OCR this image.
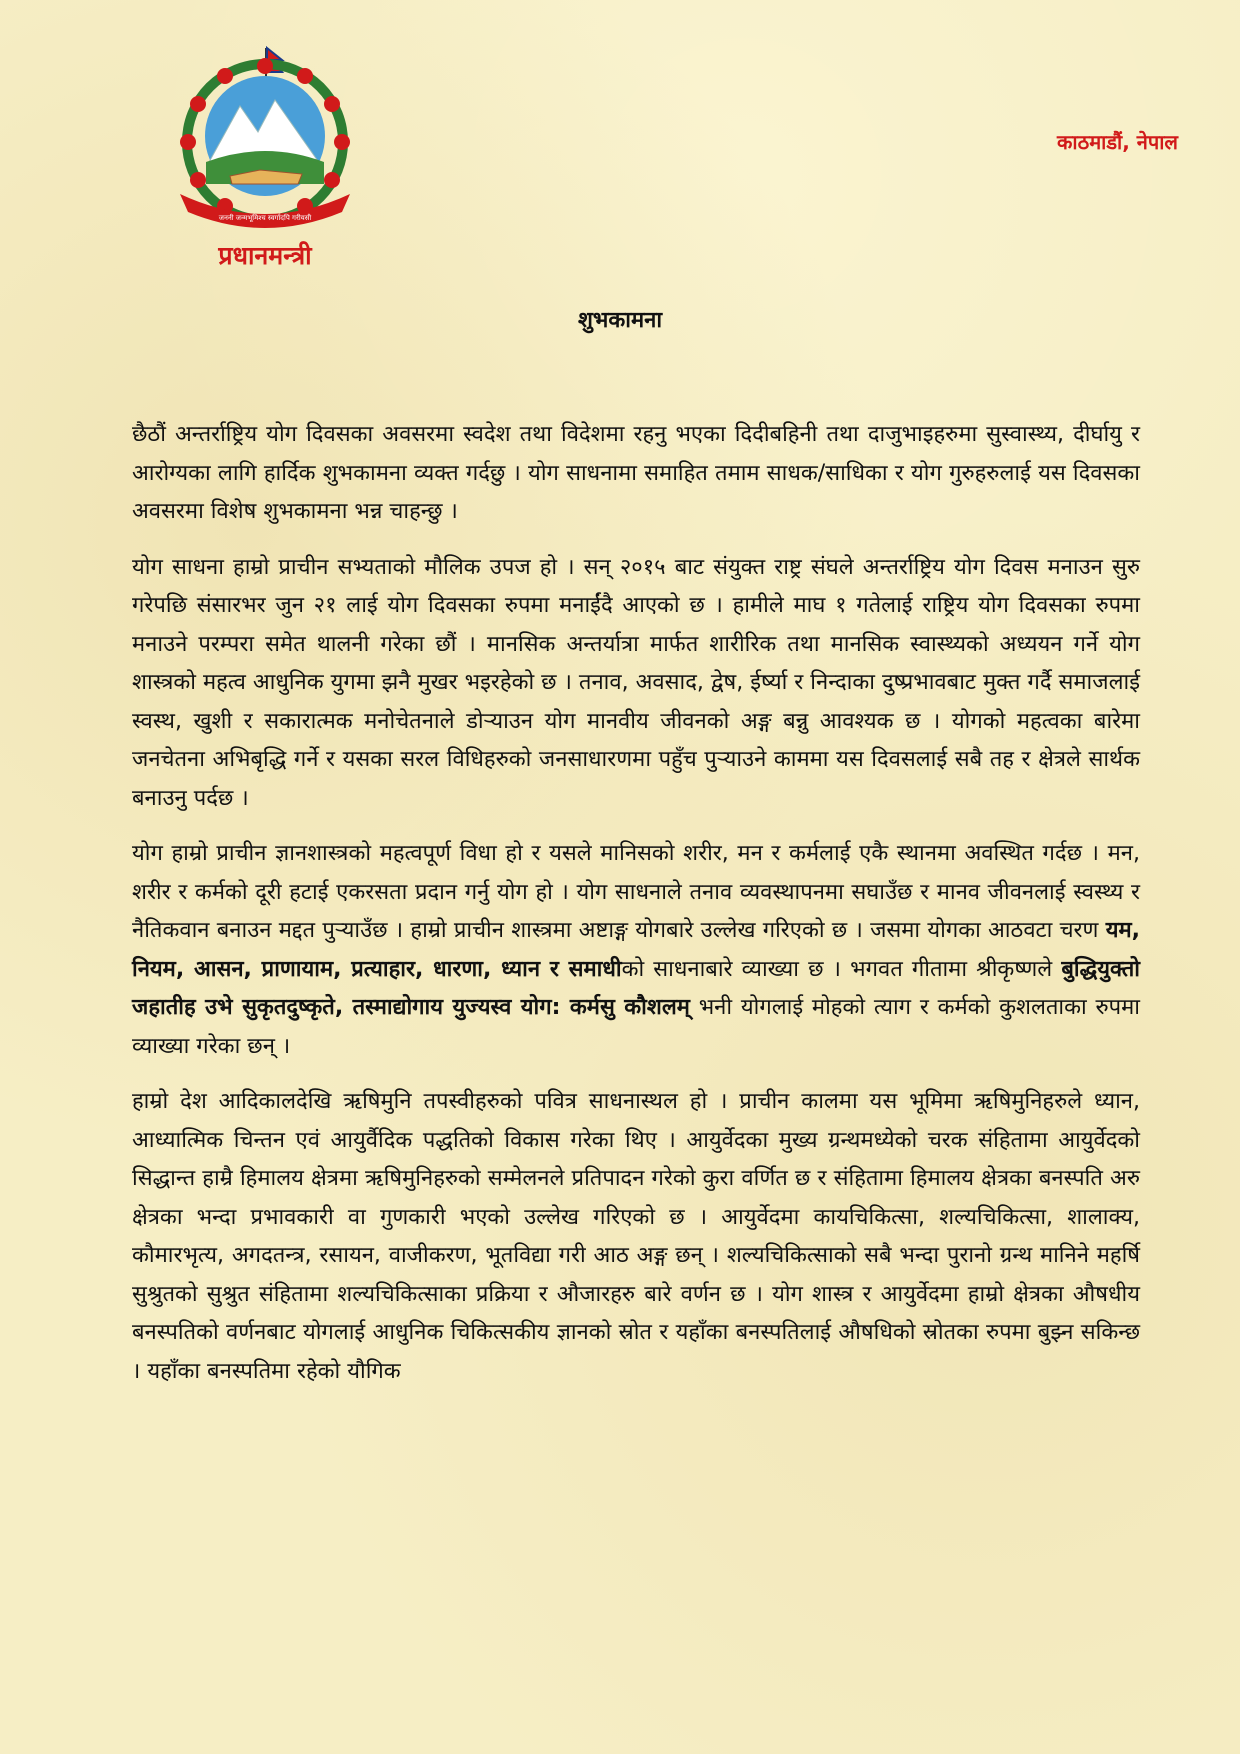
जननी जन्मभूमिश्च स्वर्गादपि गरीयसी
प्रधानमन्त्री
काठमाडौं, नेपाल
शुभकामना

छैठौं अन्तर्राष्ट्रिय योग दिवसका अवसरमा स्वदेश तथा विदेशमा रहनु भएका दिदीबहिनी तथा दाजुभाइहरुमा सुस्वास्थ्य, दीर्घायु र आरोग्यका लागि हार्दिक शुभकामना व्यक्त गर्दछु । योग साधनामा समाहित तमाम साधक/साधिका र योग गुरुहरुलाई यस दिवसका अवसरमा विशेष शुभकामना भन्न चाहन्छु ।

योग साधना हाम्रो प्राचीन सभ्यताको मौलिक उपज हो । सन् २०१५ बाट संयुक्त राष्ट्र संघले अन्तर्राष्ट्रिय योग दिवस मनाउन सुरु गरेपछि संसारभर जुन २१ लाई योग दिवसका रुपमा मनाईंदै आएको छ । हामीले माघ १ गतेलाई राष्ट्रिय योग दिवसका रुपमा मनाउने परम्परा समेत थालनी गरेका छौं । मानसिक अन्तर्यात्रा मार्फत शारीरिक तथा मानसिक स्वास्थ्यको अध्ययन गर्ने योग शास्त्रको महत्व आधुनिक युगमा झनै मुखर भइरहेको छ । तनाव, अवसाद, द्वेष, ईर्ष्या र निन्दाका दुष्प्रभावबाट मुक्त गर्दै समाजलाई स्वस्थ, खुशी र सकारात्मक मनोचेतनाले डोऱ्याउन योग मानवीय जीवनको अङ्ग बन्नु आवश्यक छ । योगको महत्वका बारेमा जनचेतना अभिबृद्धि गर्ने र यसका सरल विधिहरुको जनसाधारणमा पहुँच पुऱ्याउने काममा यस दिवसलाई सबै तह र क्षेत्रले सार्थक बनाउनु पर्दछ ।

योग हाम्रो प्राचीन ज्ञानशास्त्रको महत्वपूर्ण विधा हो र यसले मानिसको शरीर, मन र कर्मलाई एकै स्थानमा अवस्थित गर्दछ । मन, शरीर र कर्मको दूरी हटाई एकरसता प्रदान गर्नु योग हो । योग साधनाले तनाव व्यवस्थापनमा सघाउँछ र मानव जीवनलाई स्वस्थ्य र नैतिकवान बनाउन मद्दत पुऱ्याउँछ । हाम्रो प्राचीन शास्त्रमा अष्टाङ्ग योगबारे उल्लेख गरिएको छ । जसमा योगका आठवटा चरण यम, नियम, आसन, प्राणायाम, प्रत्याहार, धारणा, ध्यान र समाधीको साधनाबारे व्याख्या छ । भगवत गीतामा श्रीकृष्णले बुद्धियुक्तो जहातीह उभे सुकृतदुष्कृते, तस्माद्योगाय युज्यस्व योग: कर्मसु कौशलम् भनी योगलाई मोहको त्याग र कर्मको कुशलताका रुपमा व्याख्या गरेका छन् ।

हाम्रो देश आदिकालदेखि ऋषिमुनि तपस्वीहरुको पवित्र साधनास्थल हो । प्राचीन कालमा यस भूमिमा ऋषिमुनिहरुले ध्यान, आध्यात्मिक चिन्तन एवं आयुर्वैदिक पद्धतिको विकास गरेका थिए । आयुर्वेदका मुख्य ग्रन्थमध्येको चरक संहितामा आयुर्वेदको सिद्धान्त हाम्रै हिमालय क्षेत्रमा ऋषिमुनिहरुको सम्मेलनले प्रतिपादन गरेको कुरा वर्णित छ र संहितामा हिमालय क्षेत्रका बनस्पति अरु क्षेत्रका भन्दा प्रभावकारी वा गुणकारी भएको उल्लेख गरिएको छ । आयुर्वेदमा कायचिकित्सा, शल्यचिकित्सा, शालाक्य, कौमारभृत्य, अगदतन्त्र, रसायन, वाजीकरण, भूतविद्या गरी आठ अङ्ग छन् । शल्यचिकित्साको सबै भन्दा पुरानो ग्रन्थ मानिने महर्षि सुश्रुतको सुश्रुत संहितामा शल्यचिकित्साका प्रक्रिया र औजारहरु बारे वर्णन छ । योग शास्त्र र आयुर्वेदमा हाम्रो क्षेत्रका औषधीय बनस्पतिको वर्णनबाट योगलाई आधुनिक चिकित्सकीय ज्ञानको स्रोत र यहाँका बनस्पतिलाई औषधिको स्रोतका रुपमा बुझ्न सकिन्छ । यहाँका बनस्पतिमा रहेको यौगिक
